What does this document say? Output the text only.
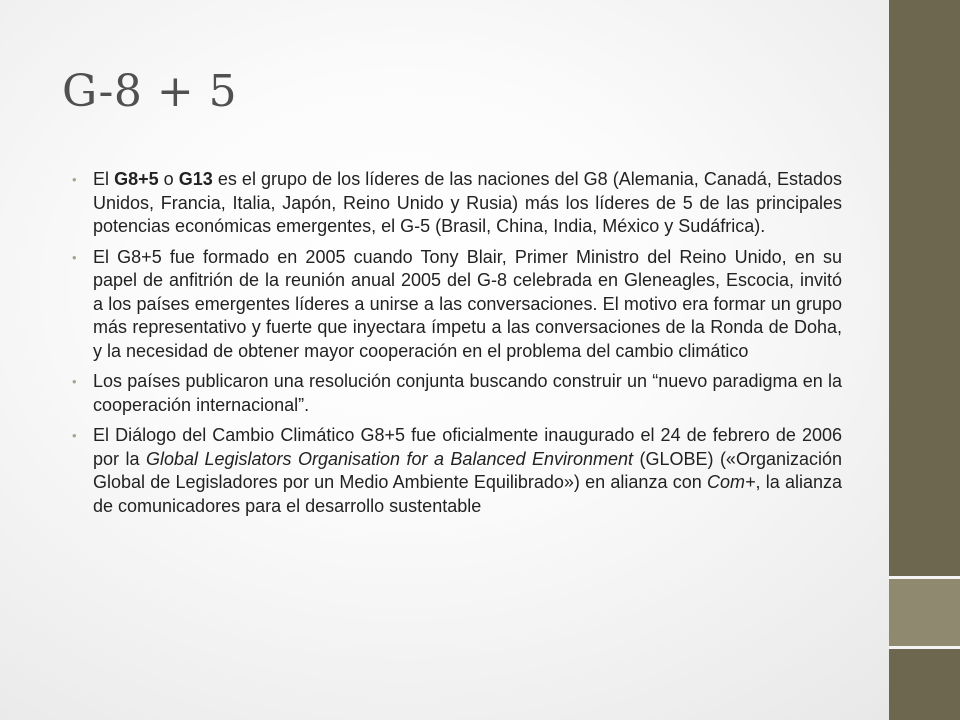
G-8 + 5
• El G8+5 o G13 es el grupo de los líderes de las naciones del G8 (Alemania, Canadá, Estados Unidos, Francia, Italia, Japón, Reino Unido y Rusia) más los líderes de 5 de las principales potencias económicas emergentes, el G-5 (Brasil, China, India, México y Sudáfrica).
• El G8+5 fue formado en 2005 cuando Tony Blair, Primer Ministro del Reino Unido, en su papel de anfitrión de la reunión anual 2005 del G-8 celebrada en Gleneagles, Escocia, invitó a los países emergentes líderes a unirse a las conversaciones. El motivo era formar un grupo más representativo y fuerte que inyectara ímpetu a las conversaciones de la Ronda de Doha, y la necesidad de obtener mayor cooperación en el problema del cambio climático
• Los países publicaron una resolución conjunta buscando construir un “nuevo paradigma en la cooperación internacional”.
• El Diálogo del Cambio Climático G8+5 fue oficialmente inaugurado el 24 de febrero de 2006 por la Global Legislators Organisation for a Balanced Environment (GLOBE) («Organización Global de Legisladores por un Medio Ambiente Equilibrado») en alianza con Com+, la alianza de comunicadores para el desarrollo sustentable
